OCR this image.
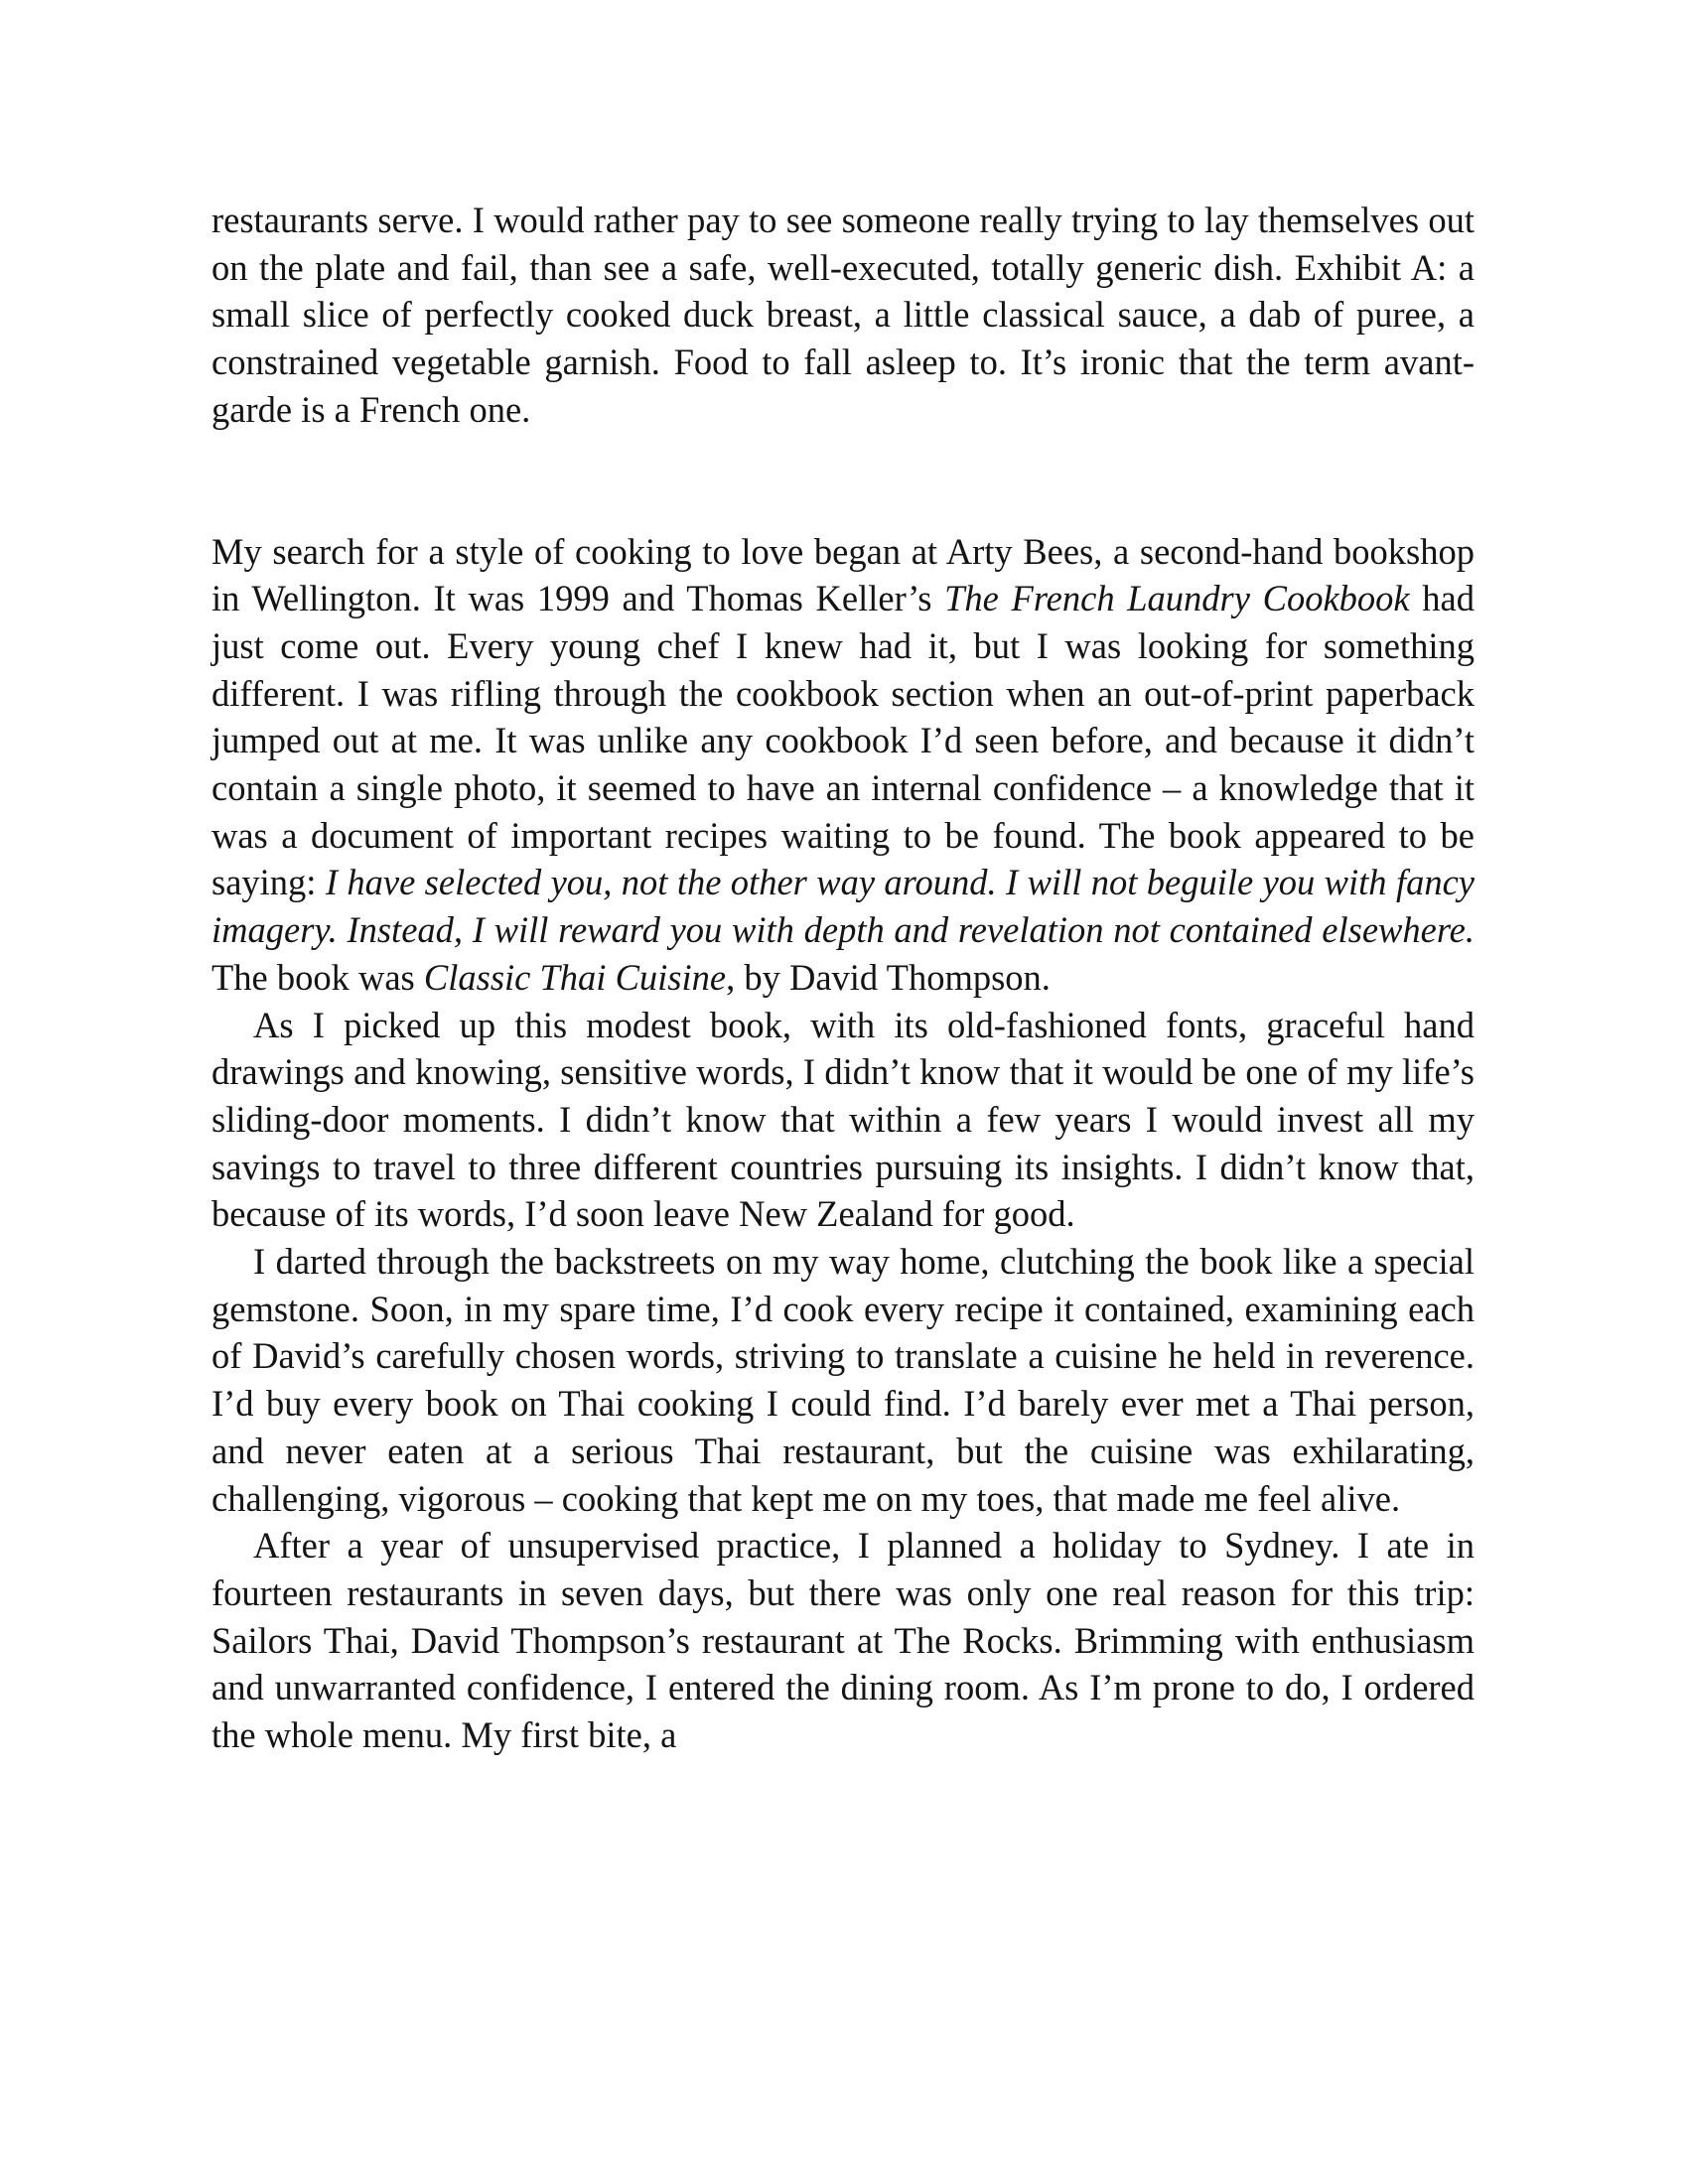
restaurants serve. I would rather pay to see someone really trying to lay themselves out on the plate and fail, than see a safe, well-executed, totally generic dish. Exhibit A: a small slice of perfectly cooked duck breast, a little classical sauce, a dab of puree, a constrained vegetable garnish. Food to fall asleep to. It’s ironic that the term avant-garde is a French one.

My search for a style of cooking to love began at Arty Bees, a second-hand bookshop in Wellington. It was 1999 and Thomas Keller’s The French Laundry Cookbook had just come out. Every young chef I knew had it, but I was looking for something different. I was rifling through the cookbook section when an out-of-print paperback jumped out at me. It was unlike any cookbook I’d seen before, and because it didn’t contain a single photo, it seemed to have an internal confidence – a knowledge that it was a document of important recipes waiting to be found. The book appeared to be saying: I have selected you, not the other way around. I will not beguile you with fancy imagery. Instead, I will reward you with depth and revelation not contained elsewhere. The book was Classic Thai Cuisine, by David Thompson.

As I picked up this modest book, with its old-fashioned fonts, graceful hand drawings and knowing, sensitive words, I didn’t know that it would be one of my life’s sliding-door moments. I didn’t know that within a few years I would invest all my savings to travel to three different countries pursuing its insights. I didn’t know that, because of its words, I’d soon leave New Zealand for good.

I darted through the backstreets on my way home, clutching the book like a special gemstone. Soon, in my spare time, I’d cook every recipe it contained, examining each of David’s carefully chosen words, striving to translate a cuisine he held in reverence. I’d buy every book on Thai cooking I could find. I’d barely ever met a Thai person, and never eaten at a serious Thai restaurant, but the cuisine was exhilarating, challenging, vigorous – cooking that kept me on my toes, that made me feel alive.

After a year of unsupervised practice, I planned a holiday to Sydney. I ate in fourteen restaurants in seven days, but there was only one real reason for this trip: Sailors Thai, David Thompson’s restaurant at The Rocks. Brimming with enthusiasm and unwarranted confidence, I entered the dining room. As I’m prone to do, I ordered the whole menu. My first bite, a
